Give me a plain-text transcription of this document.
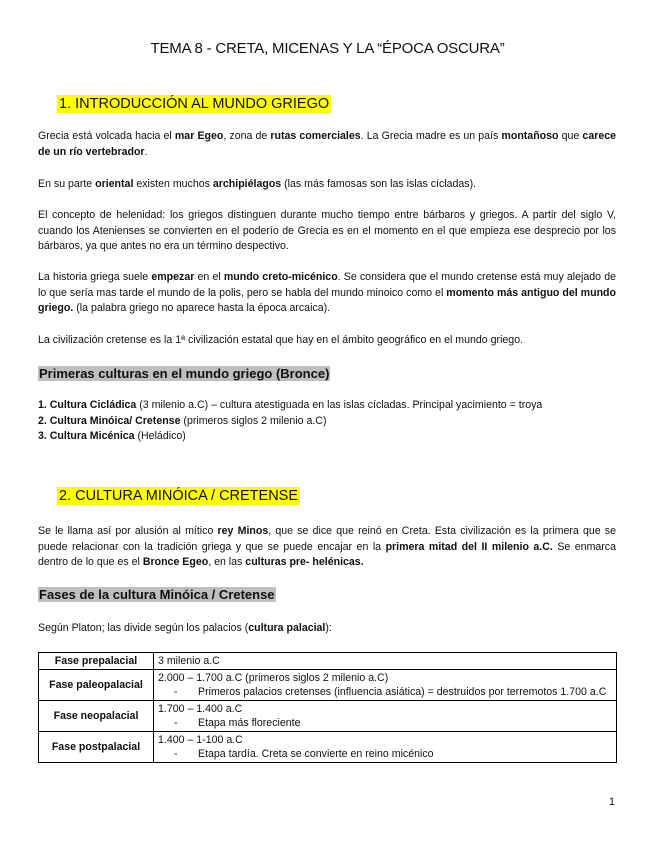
TEMA 8 - CRETA, MICENAS Y LA “ÉPOCA OSCURA”
1. INTRODUCCIÓN AL MUNDO GRIEGO

Grecia está volcada hacia el mar Egeo, zona de rutas comerciales. La Grecia madre es un país montañoso que carece de un río vertebrador.

En su parte oriental existen muchos archipiélagos (las más famosas son las islas cícladas).

El concepto de helenidad: los griegos distinguen durante mucho tiempo entre bárbaros y griegos. A partir del siglo V, cuando los Atenienses se convierten en el poderío de Grecia es en el momento en el que empieza ese desprecio por los bárbaros, ya que antes no era un término despectivo.

La historia griega suele empezar en el mundo creto-micénico. Se considera que el mundo cretense está muy alejado de lo que sería mas tarde el mundo de la polis, pero se habla del mundo minoico como el momento más antiguo del mundo griego. (la palabra griego no aparece hasta la época arcaica).

La civilización cretense es la 1ª civilización estatal que hay en el ámbito geográfico en el mundo griego.

Primeras culturas en el mundo griego (Bronce)

1. Cultura Cicládica (3 milenio a.C) – cultura atestiguada en las islas cícladas. Principal yacimiento = troya
2. Cultura Minóica/ Cretense (primeros siglos 2 milenio a.C)
3. Cultura Micénica (Heládico)

2. CULTURA MINÓICA / CRETENSE

Se le llama así por alusión al mítico rey Minos, que se dice que reinó en Creta. Esta civilización es la primera que se puede relacionar con la tradición griega y que se puede encajar en la primera mitad del II milenio a.C. Se enmarca dentro de lo que es el Bronce Egeo, en las culturas pre- helénicas.

Fases de la cultura Minóica / Cretense

Según Platon; las divide según los palacios (cultura palacial):

Fase prepalacial	3 milenio a.C

Fase paleopalacial	2.000 – 1.700 a.C (primeros siglos 2 milenio a.C)
- Primeros palacios cretenses (influencia asiática) = destruidos por terremotos 1.700 a.C

Fase neopalacial	1.700 – 1.400 a.C
- Etapa más floreciente

Fase postpalacial	1.400 – 1-100 a.C
- Etapa tardía. Creta se convierte en reino micénico
1
